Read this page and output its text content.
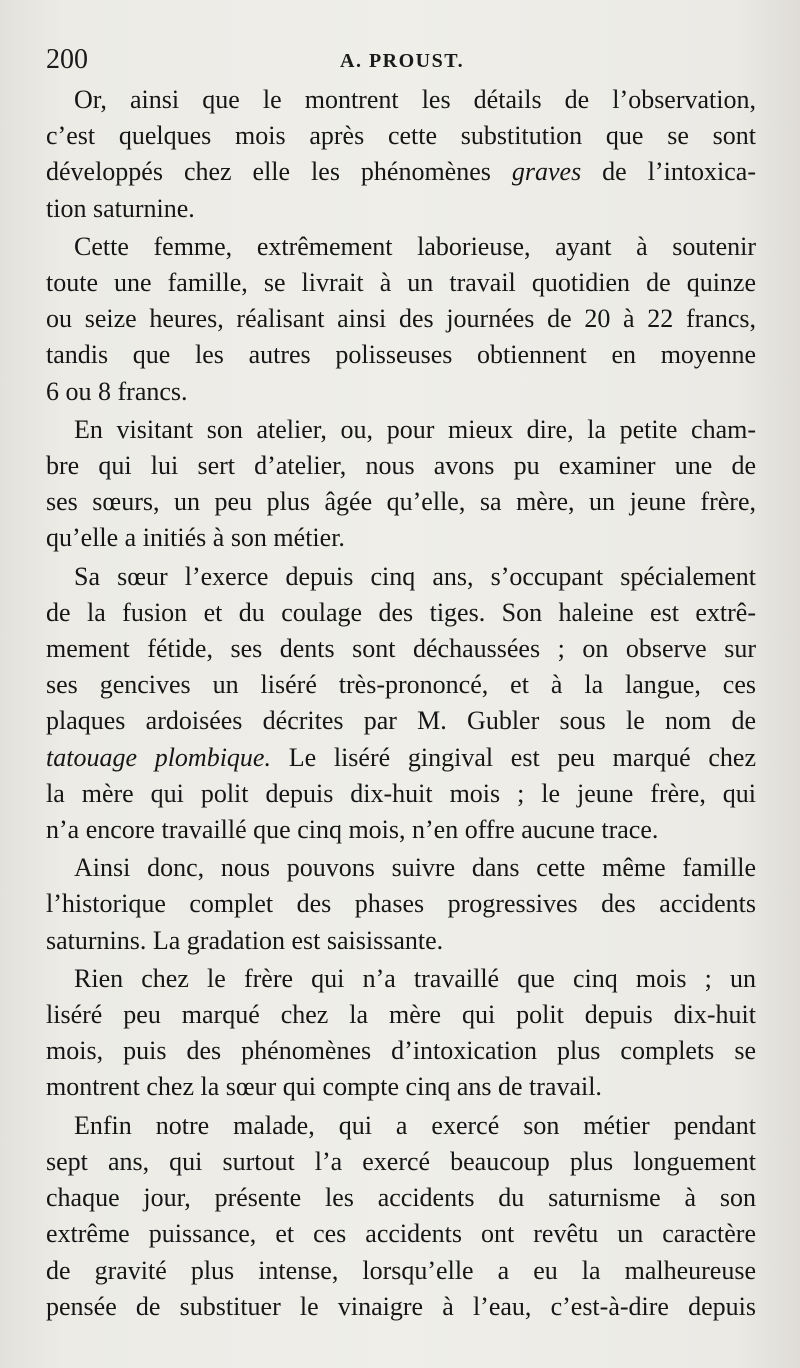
200	A. PROUST.

Or, ainsi que le montrent les détails de l’observation,
c’est quelques mois après cette substitution que se sont
développés chez elle les phénomènes graves de l’intoxica-
tion saturnine.

Cette femme, extrêmement laborieuse, ayant à soutenir
toute une famille, se livrait à un travail quotidien de quinze
ou seize heures, réalisant ainsi des journées de 20 à 22 francs,
tandis que les autres polisseuses obtiennent en moyenne
6 ou 8 francs.

En visitant son atelier, ou, pour mieux dire, la petite cham-
bre qui lui sert d’atelier, nous avons pu examiner une de
ses sœurs, un peu plus âgée qu’elle, sa mère, un jeune frère,
qu’elle a initiés à son métier.

Sa sœur l’exerce depuis cinq ans, s’occupant spécialement
de la fusion et du coulage des tiges. Son haleine est extrê-
mement fétide, ses dents sont déchaussées ; on observe sur
ses gencives un liséré très-prononcé, et à la langue, ces
plaques ardoisées décrites par M. Gubler sous le nom de
tatouage plombique. Le liséré gingival est peu marqué chez
la mère qui polit depuis dix-huit mois ; le jeune frère, qui
n’a encore travaillé que cinq mois, n’en offre aucune trace.

Ainsi donc, nous pouvons suivre dans cette même famille
l’historique complet des phases progressives des accidents
saturnins. La gradation est saisissante.

Rien chez le frère qui n’a travaillé que cinq mois ; un
liséré peu marqué chez la mère qui polit depuis dix-huit
mois, puis des phénomènes d’intoxication plus complets se
montrent chez la sœur qui compte cinq ans de travail.

Enfin notre malade, qui a exercé son métier pendant
sept ans, qui surtout l’a exercé beaucoup plus longuement
chaque jour, présente les accidents du saturnisme à son
extrême puissance, et ces accidents ont revêtu un caractère
de gravité plus intense, lorsqu’elle a eu la malheureuse
pensée de substituer le vinaigre à l’eau, c’est-à-dire depuis
